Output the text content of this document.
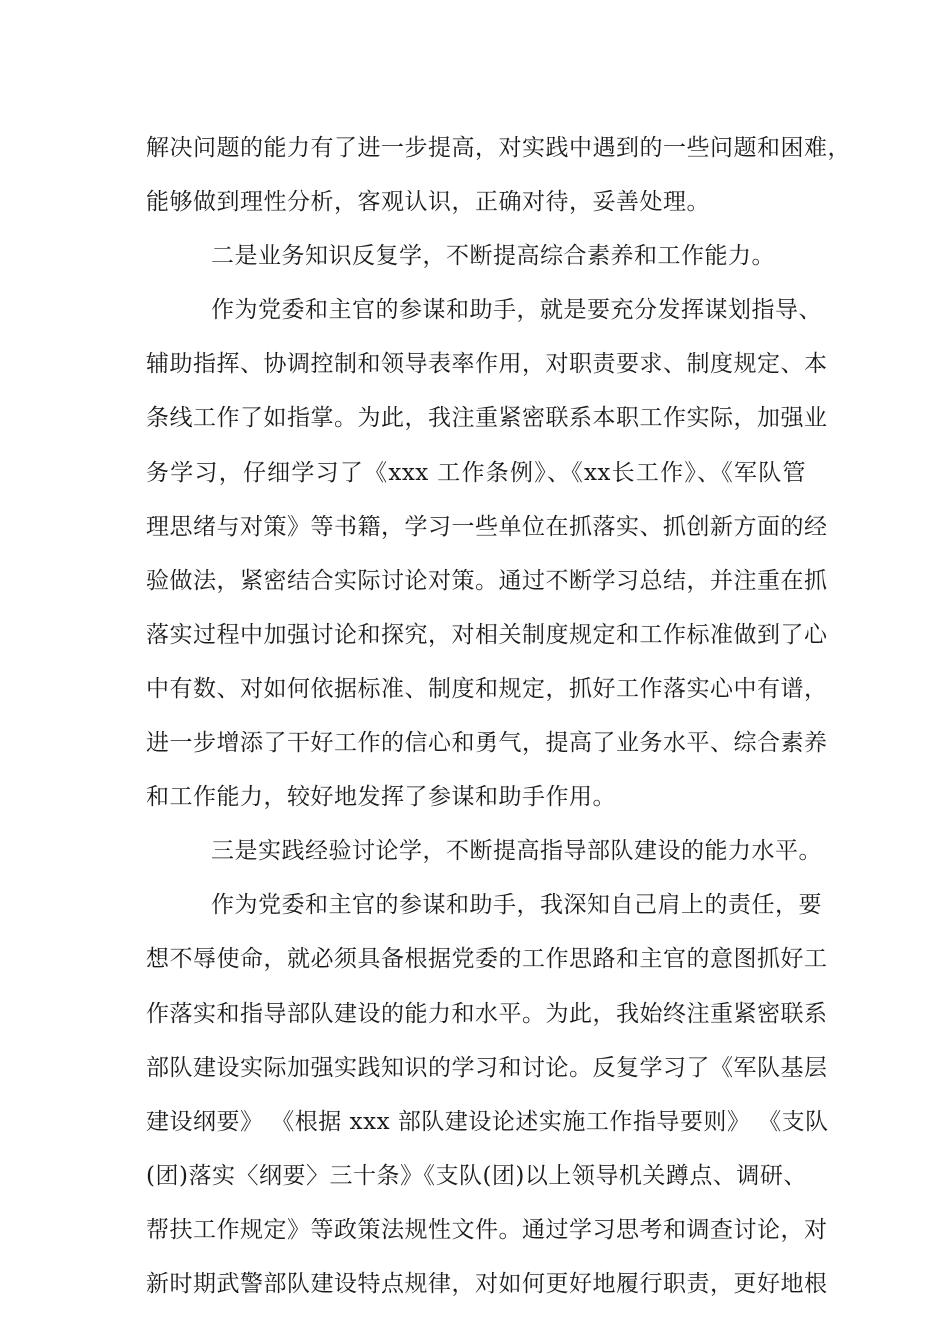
解决问题的能力有了进一步提高，对实践中遇到的一些问题和困难，
能够做到理性分析，客观认识，正确对待，妥善处理。
二是业务知识反复学，不断提高综合素养和工作能力。
作为党委和主官的参谋和助手，就是要充分发挥谋划指导、
辅助指挥、协调控制和领导表率作用，对职责要求、制度规定、本
条线工作了如指掌。为此，我注重紧密联系本职工作实际，加强业
务学习，仔细学习了《xxx 工作条例》、《xx长工作》、《军队管
理思绪与对策》等书籍，学习一些单位在抓落实、抓创新方面的经
验做法，紧密结合实际讨论对策。通过不断学习总结，并注重在抓
落实过程中加强讨论和探究，对相关制度规定和工作标准做到了心
中有数、对如何依据标准、制度和规定，抓好工作落实心中有谱，
进一步增添了干好工作的信心和勇气，提高了业务水平、综合素养
和工作能力，较好地发挥了参谋和助手作用。
三是实践经验讨论学，不断提高指导部队建设的能力水平。
作为党委和主官的参谋和助手，我深知自己肩上的责任，要
想不辱使命，就必须具备根据党委的工作思路和主官的意图抓好工
作落实和指导部队建设的能力和水平。为此，我始终注重紧密联系
部队建设实际加强实践知识的学习和讨论。反复学习了《军队基层
建设纲要》 《根据 xxx 部队建设论述实施工作指导要则》 《支队
(团)落实〈纲要〉三十条》《支队(团)以上领导机关蹲点、调研、
帮扶工作规定》等政策法规性文件。通过学习思考和调查讨论，对
新时期武警部队建设特点规律，对如何更好地履行职责，更好地根
